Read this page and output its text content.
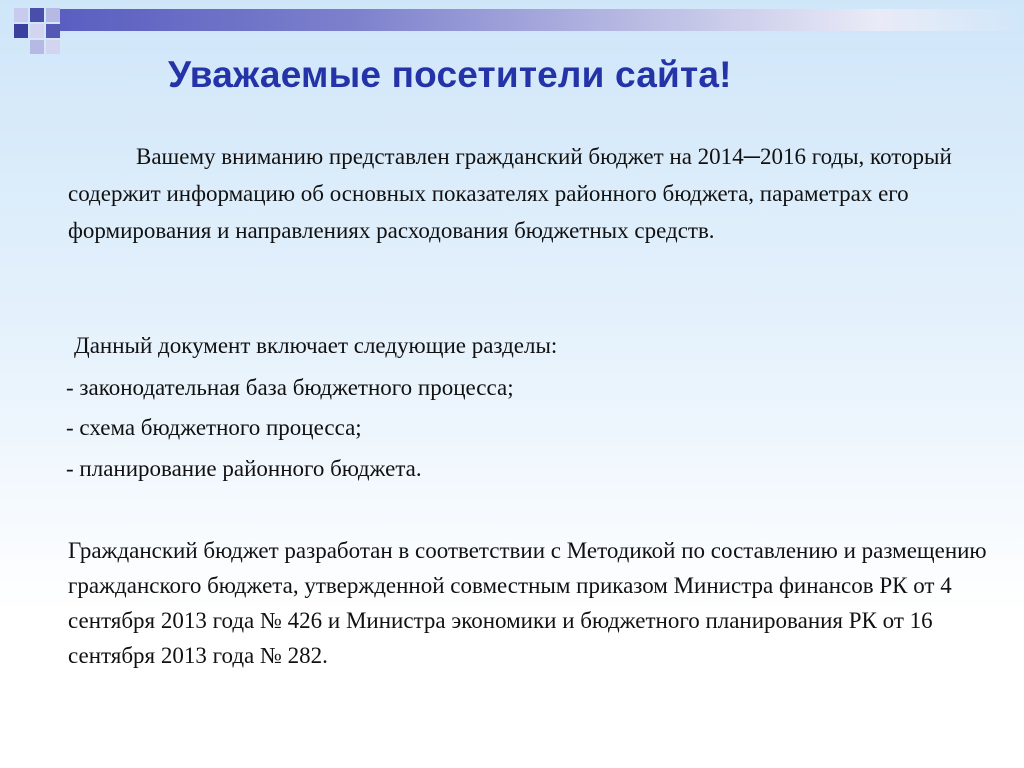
Уважаемые посетители сайта!

Вашему вниманию представлен гражданский бюджет на 2014─2016 годы, который содержит информацию об основных показателях районного бюджета, параметрах его формирования и направлениях расходования бюджетных средств.

Данный документ включает следующие разделы:

- законодательная база бюджетного процесса;

- схема бюджетного процесса;

- планирование районного бюджета.

Гражданский бюджет разработан в соответствии с Методикой по составлению и размещению гражданского бюджета, утвержденной совместным приказом Министра финансов РК от 4 сентября 2013 года № 426 и Министра экономики и бюджетного планирования РК от 16 сентября 2013 года № 282.
